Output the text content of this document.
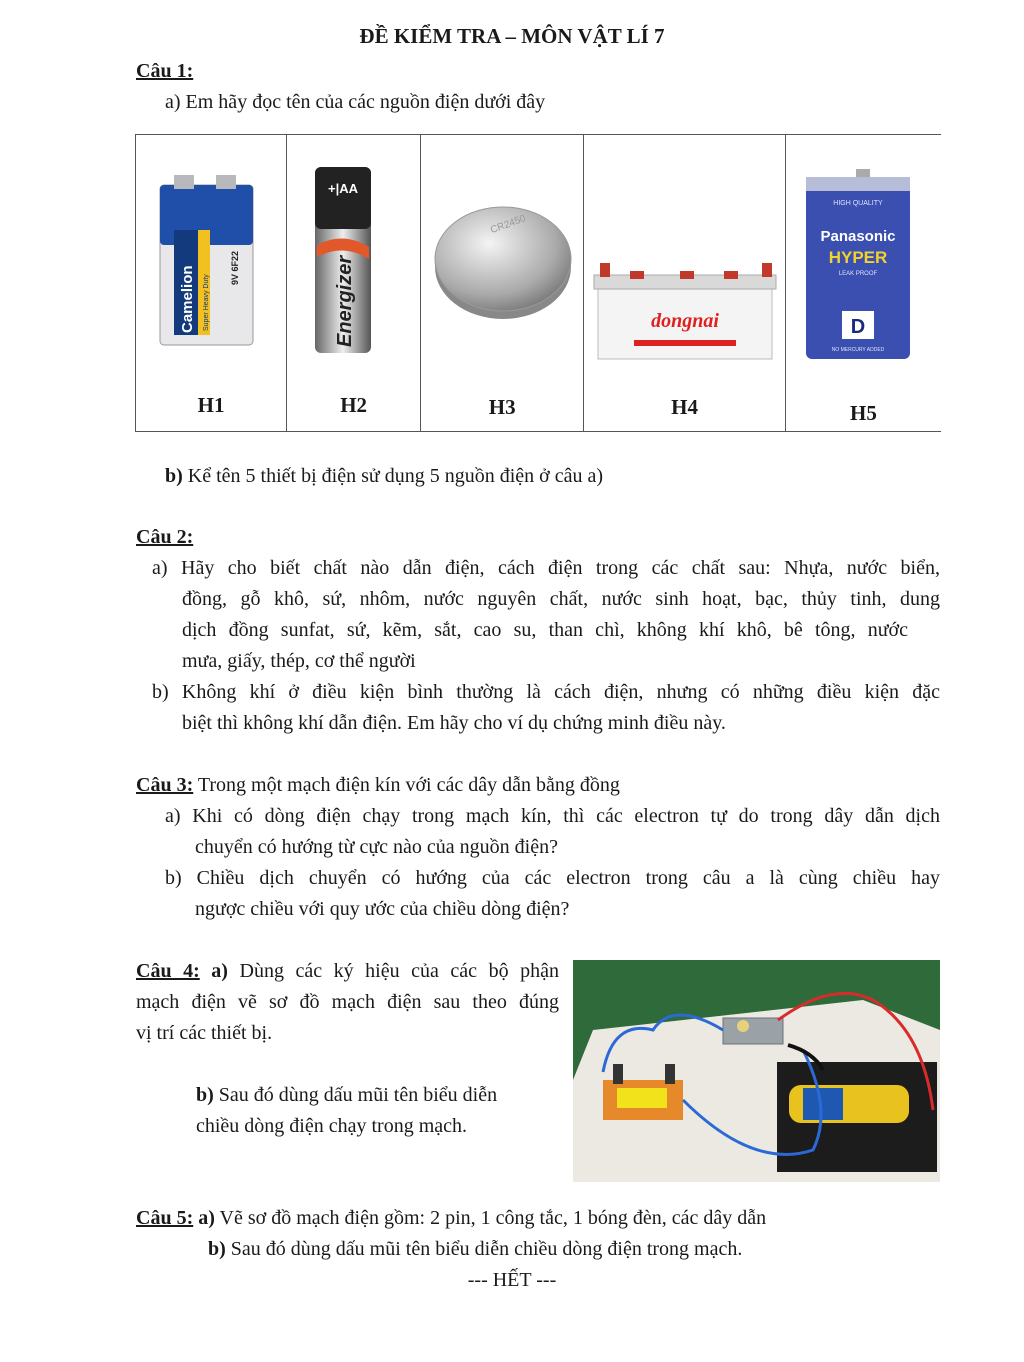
ĐỀ KIỂM TRA – MÔN VẬT LÍ 7
Câu 1:
a) Em hãy đọc tên của các nguồn điện dưới đây
Camelion Super Heavy Duty
9V 6F22
H1

+|AA
Energizer
H2

CR2450
H3

dongnai
H4

HIGH QUALITY
Panasonic
HYPER
LEAK PROOF
D
NO MERCURY ADDED
H5
b) Kể tên 5 thiết bị điện sử dụng 5 nguồn điện ở câu a)
Câu 2:
a) Hãy cho biết chất nào dẫn điện, cách điện trong các chất sau: Nhựa, nước biển,
đồng, gỗ khô, sứ, nhôm, nước nguyên chất, nước sinh hoạt, bạc, thủy tinh, dung
dịch đồng sunfat, sứ, kẽm, sắt, cao su, than chì, không khí khô, bê tông, nước
mưa, giấy, thép, cơ thể người
b) Không khí ở điều kiện bình thường là cách điện, nhưng có những điều kiện đặc
biệt thì không khí dẫn điện. Em hãy cho ví dụ chứng minh điều này.
Câu 3: Trong một mạch điện kín với các dây dẫn bằng đồng
a) Khi có dòng điện chạy trong mạch kín, thì các electron tự do trong dây dẫn dịch
chuyển có hướng từ cực nào của nguồn điện?
b) Chiều dịch chuyển có hướng của các electron trong câu a là cùng chiều hay
ngược chiều với quy ước của chiều dòng điện?
Câu 4: a) Dùng các ký hiệu của các bộ phận
mạch điện vẽ sơ đồ mạch điện sau theo đúng
vị trí các thiết bị.
b) Sau đó dùng dấu mũi tên biểu diễn
chiều dòng điện chạy trong mạch.
Câu 5: a) Vẽ sơ đồ mạch điện gồm: 2 pin, 1 công tắc, 1 bóng đèn, các dây dẫn
b) Sau đó dùng dấu mũi tên biểu diễn chiều dòng điện trong mạch.
--- HẾT ---
